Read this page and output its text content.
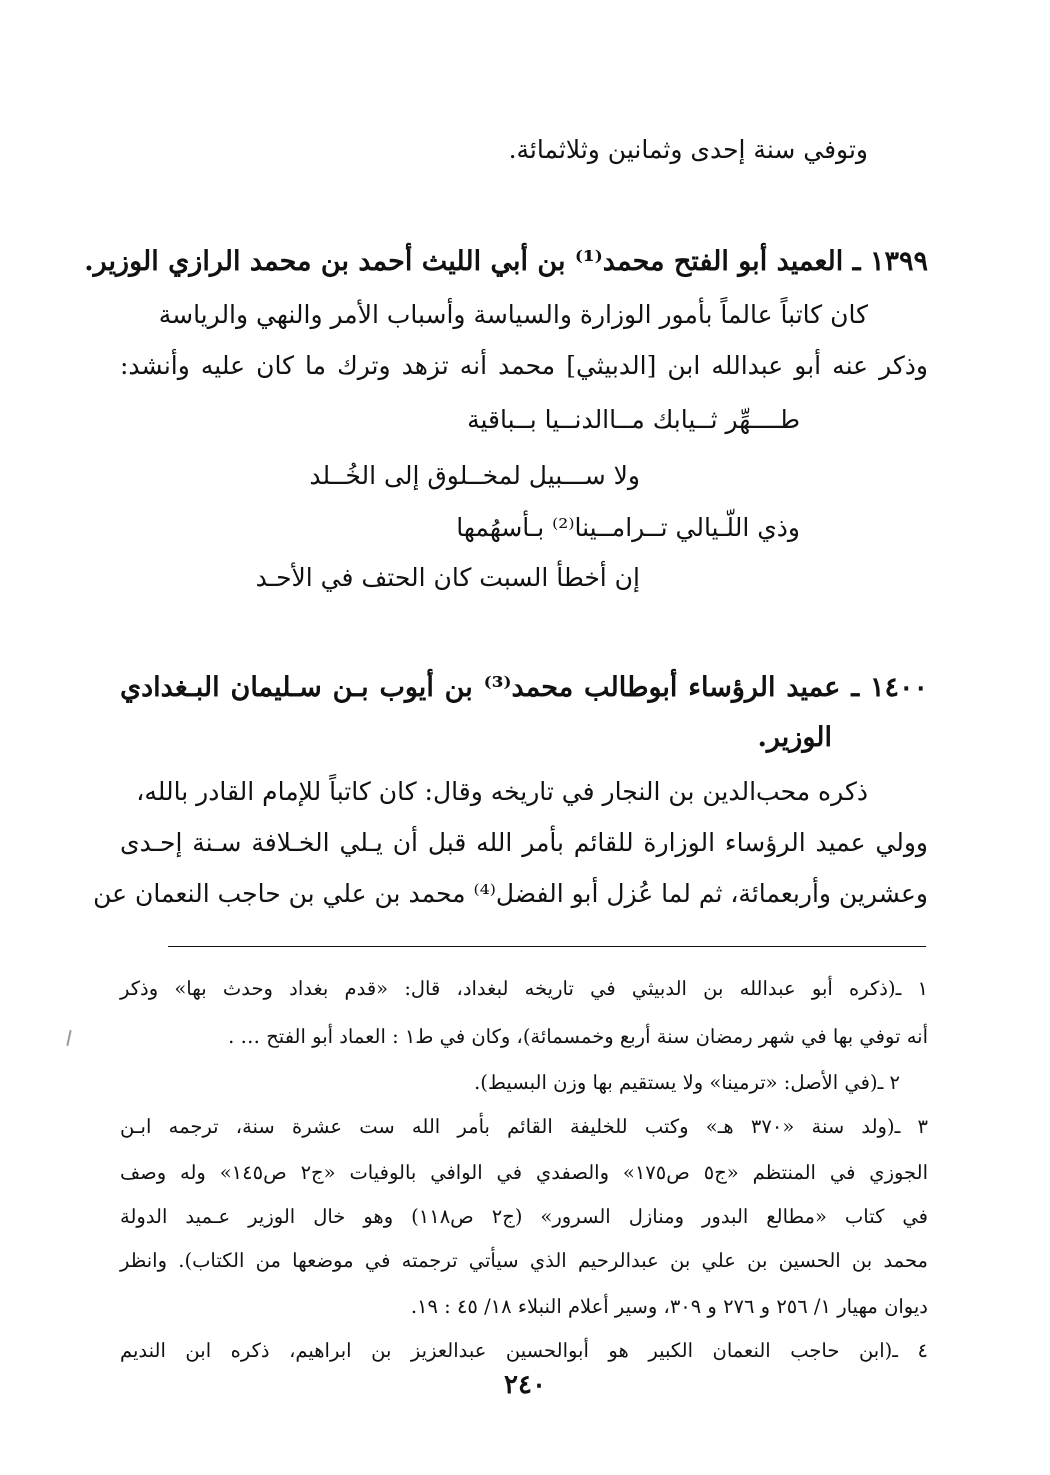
وتوفي سنة إحدى وثمانين وثلاثمائة.
١٣٩٩ ـ العميد أبو الفتح محمد⁽¹⁾ بن أبي الليث أحمد بن محمد الرازي الوزير.
كان كاتباً عالماً بأمور الوزارة والسياسة وأسباب الأمر والنهي والرياسة
وذكر عنه أبو عبدالله ابن [الدبيثي] محمد أنه تزهد وترك ما كان عليه وأنشد:
طــــهِّر ثــيابك مــاالدنــيا بــباقية
ولا ســـبيل لمخــلوق إلى الخُــلد
وذي اللّـيالي تــرامــينا⁽²⁾ بـأسهُمها
إن أخطأ السبت كان الحتف في الأحـد
١٤٠٠ ـ عميد الرؤساء أبوطالب محمد⁽³⁾ بن أيوب بـن سـليمان البـغدادي
الوزير.
ذكره محب‌الدين بن النجار في تاريخه وقال: كان كاتباً للإمام القادر بالله،
وولي عميد الرؤساء الوزارة للقائم بأمر الله قبل أن يـلي الخـلافة سـنة إحـدى
وعشرين وأربعمائة، ثم لما عُزل أبو الفضل⁽⁴⁾ محمد بن علي بن حاجب النعمان عن
١ ـ(ذكره أبو عبدالله بن الدبيثي في تاريخه لبغداد، قال: «قدم بغداد وحدث بها» وذكر
أنه توفي بها في شهر رمضان سنة أربع وخمسمائة)، وكان في ط١ : العماد أبو الفتح … .
٢ ـ(في الأصل: «ترمينا» ولا يستقيم بها وزن البسيط).
٣ ـ(ولد سنة «٣٧٠ هـ» وكتب للخليفة القائم بأمر الله ست عشرة سنة، ترجمه ابـن
الجوزي في المنتظم «ج٥ ص١٧٥» والصفدي في الوافي بالوفيات «ج٢ ص١٤٥» وله وصف
في كتاب «مطالع البدور ومنازل السرور» (ج٢ ص١١٨) وهو خال الوزير عـميد الدولة
محمد بن الحسين بن علي بن عبدالرحيم الذي سيأتي ترجمته في موضعها من الكتاب). وانظر
ديوان مهيار ١/ ٢٥٦ و ٢٧٦ و ٣٠٩، وسير أعلام النبلاء ١٨/ ٤٥ : ١٩.
٤ ـ(ابن حاجب النعمان الكبير هو أبوالحسين عبدالعزيز بن ابراهيم، ذكره ابن النديم
٢٤٠
